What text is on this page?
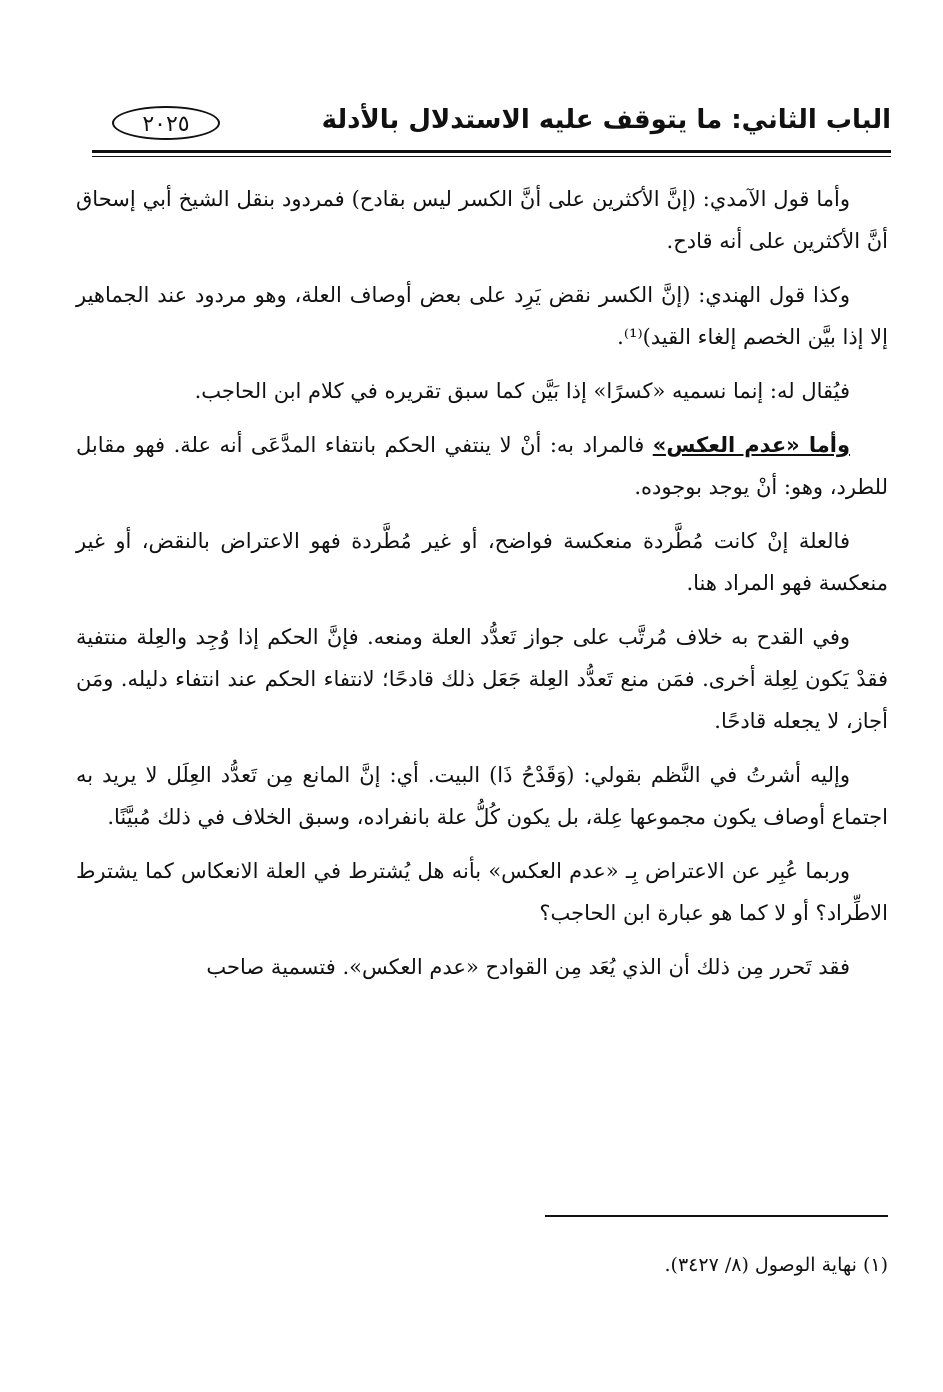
الباب الثاني: ما يتوقف عليه الاستدلال بالأدلة
٢٠٢٥

وأما قول الآمدي: (إنَّ الأكثرين على أنَّ الكسر ليس بقادح) فمردود بنقل الشيخ أبي إسحاق أنَّ الأكثرين على أنه قادح.

وكذا قول الهندي: (إنَّ الكسر نقض يَرِد على بعض أوصاف العلة، وهو مردود عند الجماهير إلا إذا بيَّن الخصم إلغاء القيد)⁽¹⁾.

فيُقال له: إنما نسميه «كسرًا» إذا بَيَّن كما سبق تقريره في كلام ابن الحاجب.

وأما «عدم العكس» فالمراد به: أنْ لا ينتفي الحكم بانتفاء المدَّعَى أنه علة. فهو مقابل للطرد، وهو: أنْ يوجد بوجوده.

فالعلة إنْ كانت مُطَّردة منعكسة فواضح، أو غير مُطَّردة فهو الاعتراض بالنقض، أو غير منعكسة فهو المراد هنا.

وفي القدح به خلاف مُرتَّب على جواز تَعدُّد العلة ومنعه. فإنَّ الحكم إذا وُجِد والعِلة منتفية فقدْ يَكون لِعِلة أخرى. فمَن منع تَعدُّد العِلة جَعَل ذلك قادحًا؛ لانتفاء الحكم عند انتفاء دليله. ومَن أجاز، لا يجعله قادحًا.

وإليه أشرتُ في النَّظم بقولي: (وَقَدْحُ ذَا) البيت. أي: إنَّ المانع مِن تَعدُّد العِلَل لا يريد به اجتماع أوصاف يكون مجموعها عِلة، بل يكون كُلُّ علة بانفراده، وسبق الخلاف في ذلك مُبيَّنًا.

وربما عُبِر عن الاعتراض بِـ «عدم العكس» بأنه هل يُشترط في العلة الانعكاس كما يشترط الاطِّراد؟ أو لا كما هو عبارة ابن الحاجب؟

فقد تَحرر مِن ذلك أن الذي يُعَد مِن القوادح «عدم العكس». فتسمية صاحب

(١) نهاية الوصول (٨/ ٣٤٢٧).
